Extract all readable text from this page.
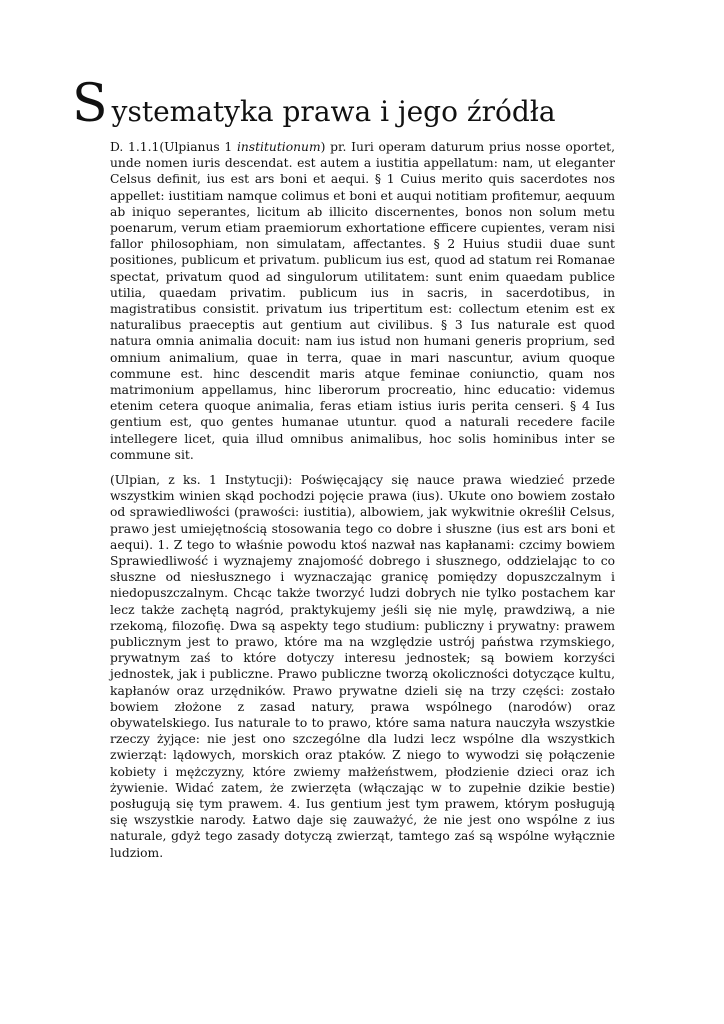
S ystematyka prawa i jego źródła
D. 1.1.1(Ulpianus 1 institutionum) pr. Iuri operam daturum prius nosse oportet, unde nomen iuris descendat. est autem a iustitia appellatum: nam, ut eleganter Celsus definit, ius est ars boni et aequi. § 1 Cuius merito quis sacerdotes nos appellet: iustitiam namque colimus et boni et auqui notitiam profitemur, aequum ab iniquo seperantes, licitum ab illicito discernentes, bonos non solum metu poenarum, verum etiam praemiorum exhortatione efficere cupientes, veram nisi fallor philosophiam, non simulatam, affectantes. § 2 Huius studii duae sunt positiones, publicum et privatum. publicum ius est, quod ad statum rei Romanae spectat, privatum quod ad singulorum utilitatem: sunt enim quaedam publice utilia, quaedam privatim. publicum ius in sacris, in sacerdotibus, in magistratibus consistit. privatum ius tripertitum est: collectum etenim est ex naturalibus praeceptis aut gentium aut civilibus. § 3 Ius naturale est quod natura omnia animalia docuit: nam ius istud non humani generis proprium, sed omnium animalium, quae in terra, quae in mari nascuntur, avium quoque commune est. hinc descendit maris atque feminae coniunctio, quam nos matrimonium appellamus, hinc liberorum procreatio, hinc educatio: videmus etenim cetera quoque animalia, feras etiam istius iuris perita censeri. § 4 Ius gentium est, quo gentes humanae utuntur. quod a naturali recedere facile intellegere licet, quia illud omnibus animalibus, hoc solis hominibus inter se commune sit.
(Ulpian, z ks. 1 Instytucji): Poświęcający się nauce prawa wiedzieć przede wszystkim winien skąd pochodzi pojęcie prawa (ius). Ukute ono bowiem zostało od sprawiedliwości (prawości: iustitia), albowiem, jak wykwitnie określił Celsus, prawo jest umiejętnością stosowania tego co dobre i słuszne (ius est ars boni et aequi). 1. Z tego to właśnie powodu ktoś nazwał nas kapłanami: czcimy bowiem Sprawiedliwość i wyznajemy znajomość dobrego i słusznego, oddzielając to co słuszne od niesłusznego i wyznaczając granicę pomiędzy dopuszczalnym i niedopuszczalnym. Chcąc także tworzyć ludzi dobrych nie tylko postachem kar lecz także zachętą nagród, praktykujemy jeśli się nie mylę, prawdziwą, a nie rzekomą, filozofię. Dwa są aspekty tego studium: publiczny i prywatny: prawem publicznym jest to prawo, które ma na względzie ustrój państwa rzymskiego, prywatnym zaś to które dotyczy interesu jednostek; są bowiem korzyści jednostek, jak i publiczne. Prawo publiczne tworzą okoliczności dotyczące kultu, kapłanów oraz urzędników. Prawo prywatne dzieli się na trzy części: zostało bowiem złożone z zasad natury, prawa wspólnego (narodów) oraz obywatelskiego. Ius naturale to to prawo, które sama natura nauczyła wszystkie rzeczy żyjące: nie jest ono szczególne dla ludzi lecz wspólne dla wszystkich zwierząt: lądowych, morskich oraz ptaków. Z niego to wywodzi się połączenie kobiety i mężczyzny, które zwiemy małżeństwem, płodzienie dzieci oraz ich żywienie. Widać zatem, że zwierzęta (włączając w to zupełnie dzikie bestie) posługują się tym prawem. 4. Ius gentium jest tym prawem, którym posługują się wszystkie narody. Łatwo daje się zauważyć, że nie jest ono wspólne z ius naturale, gdyż tego zasady dotyczą zwierząt, tamtego zaś są wspólne wyłącznie ludziom.
